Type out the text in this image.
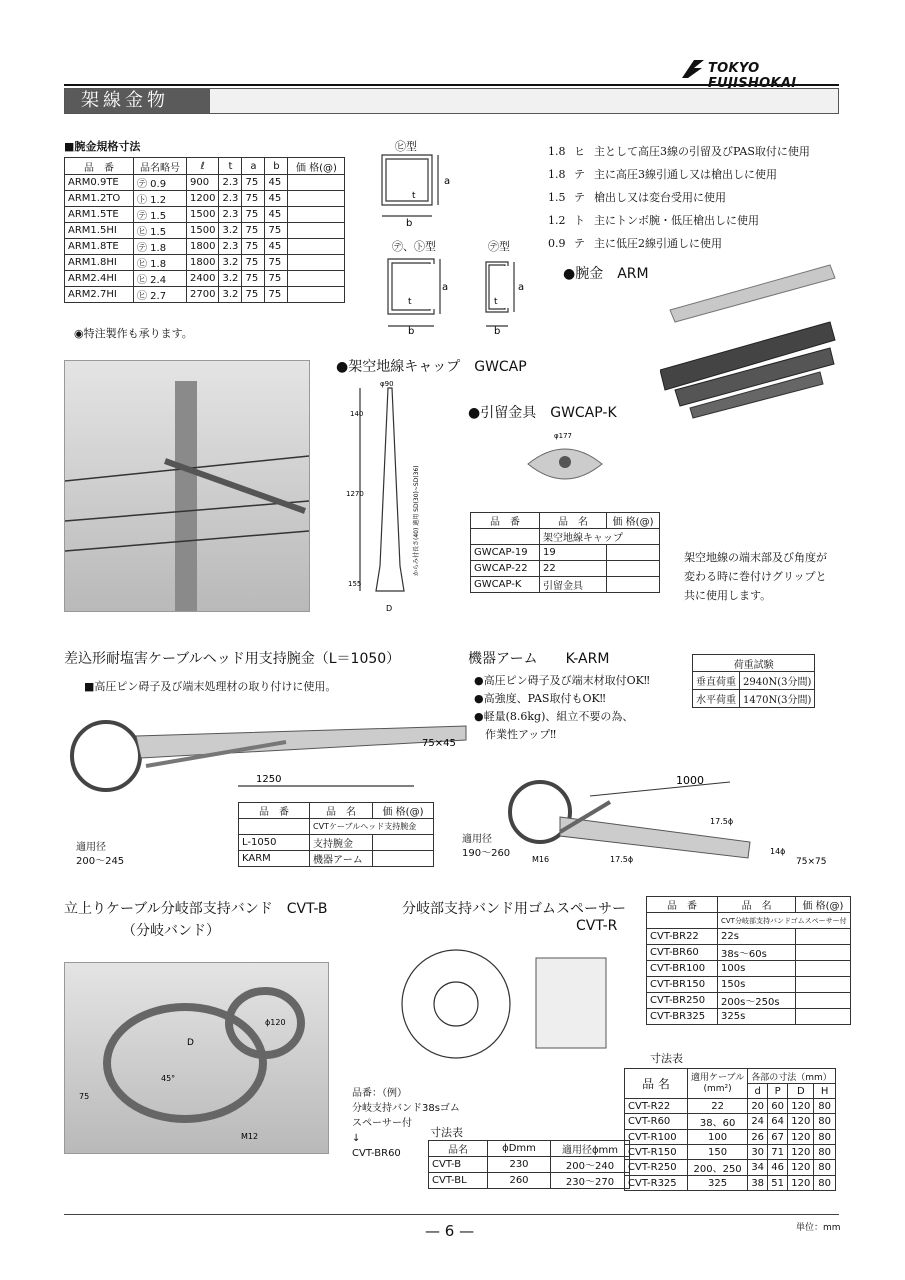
TOKYO
架線金物
■腕金規格寸法
品　番	品名略号	ℓ	t	a	b	価 格(@)
ARM0.9TE	㋢ 0.9	900	2.3	75	45	
ARM1.2TO	㋣ 1.2	1200	2.3	75	45	
ARM1.5TE	㋢ 1.5	1500	2.3	75	45	
ARM1.5HI	㋪ 1.5	1500	3.2	75	75	
ARM1.8TE	㋢ 1.8	1800	2.3	75	45	
ARM1.8HI	㋪ 1.8	1800	3.2	75	75	
ARM2.4HI	㋪ 2.4	2400	3.2	75	75	
ARM2.7HI	㋪ 2.7	2700	3.2	75	75	
◉特注製作も承ります。
㋪型
a
b
t
㋢、㋣型
a
b
t
㋢型
a
b
t
1.8 ヒ 主として高圧3線の引留及びPAS取付に使用
1.8 テ 主に高圧3線引通し又は槍出しに使用
1.5 テ 槍出し又は変台受用に使用
1.2 ト 主にトンボ腕・低圧槍出しに使用
0.9 テ 主に低圧2線引通しに使用
●腕金　ARM
●架空地線キャップ　GWCAP
φ90
140
1270
155
D
からみ付長さ(40) 適用 SD(30)~SD(36)
●引留金具　GWCAP-K
φ177
品　番	品　名	価 格(@)
	架空地線キャップ	
GWCAP-19	19	
GWCAP-22	22	
GWCAP-K	引留金具	
架空地線の端末部及び角度が
変わる時に巻付けグリップと
共に使用します。
差込形耐塩害ケーブルヘッド用支持腕金（L＝1050）
■高圧ピン碍子及び端末処理材の取り付けに使用。
75×45
1250
適用径
200～245
品　番	品　名	価 格(@)
	CVTケーブルヘッド支持腕金	
L-1050	支持腕金	
KARM	機器アーム	
機器アーム　　K-ARM
●高圧ピン碍子及び端末材取付OK‼
●高強度、PAS取付もOK‼
●軽量(8.6kg)、組立不要の為、
　作業性アップ‼
荷重試験	
垂直荷重	2940N(3分間)
水平荷重	1470N(3分間)
1000
17.5ϕ
17.5ϕ
14ϕ
M16	75×75
適用径
190～260
立上りケーブル分岐部支持バンド　CVT-B
（分岐バンド）
D
ϕ120
45°
75
M12
分岐部支持バンド用ゴムスペーサー
CVT-R
品番：（例）
分岐支持バンド38sゴム
スペーサー付
↓
CVT-BR60
寸法表
品名	ϕDmm	適用径ϕmm
CVT-B	230	200～240
CVT-BL	260	230～270
品　番	品　名	価 格(@)
	CVT分岐部支持バンドゴムスペーサー付	
CVT-BR22	22s	
CVT-BR60	38s～60s	
CVT-BR100	100s	
CVT-BR150	150s	
CVT-BR250	200s～250s	
CVT-BR325	325s	
寸法表
品 名	適用ケーブル
(mm²)	各部の寸法（mm）			
		d	P	D	H
CVT-R22	22	20	60	120	80
CVT-R60	38、60	24	64	120	80
CVT-R100	100	26	67	120	80
CVT-R150	150	30	71	120	80
CVT-R250	200、250	34	46	120	80
CVT-R325	325	38	51	120	80
— 6 —	単位：mm
